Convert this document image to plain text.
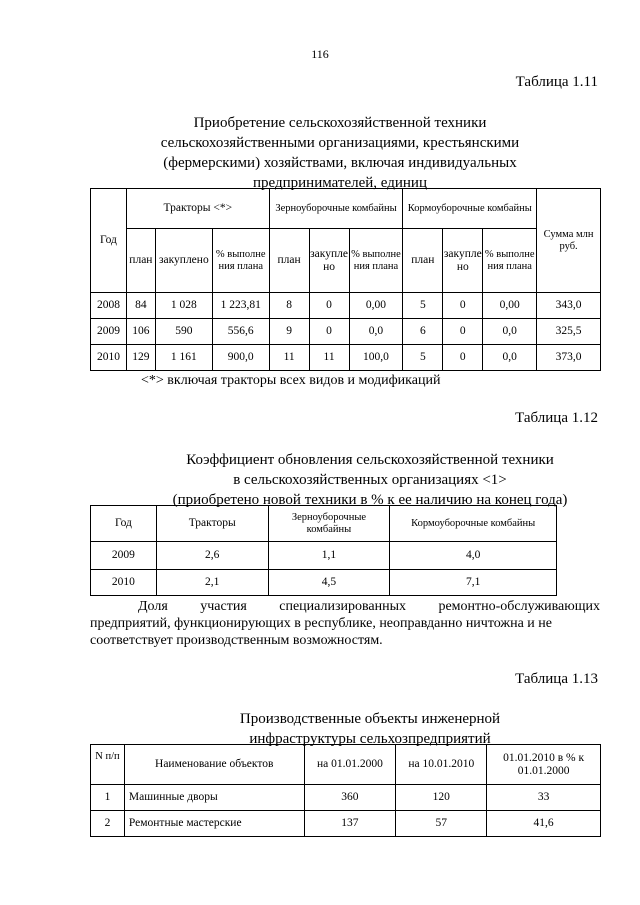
116
Таблица 1.11
Приобретение сельскохозяйственной техники
сельскохозяйственными организациями, крестьянскими
(фермерскими) хозяйствами, включая индивидуальных
предпринимателей, единиц
Год	Тракторы <*>			Зерноуборочные комбайны			Кормоуборочные комбайны			Сумма млн руб.
	план	закуплено	% выполне ния плана	план	закупле но	% выполне ния плана	план	закупле но	% выполне ния плана	
2008	84	1 028	1 223,81	8	0	0,00	5	0	0,00	343,0
2009	106	590	556,6	9	0	0,0	6	0	0,0	325,5
2010	129	1 161	900,0	11	11	100,0	5	0	0,0	373,0
<*> включая тракторы всех видов и модификаций
Таблица 1.12
Коэффициент обновления сельскохозяйственной техники
в сельскохозяйственных организациях <1>
(приобретено новой техники в % к ее наличию на конец года)
Год	Тракторы	Зерноуборочные комбайны	Кормоуборочные комбайны
2009	2,6	1,1	4,0
2010	2,1	4,5	7,1
Доля участия специализированных ремонтно-обслуживающих
предприятий, функционирующих в республике, неоправданно ничтожна и не
соответствует производственным возможностям.
Таблица 1.13
Производственные объекты инженерной
инфраструктуры сельхозпредприятий
N п/п	Наименование объектов	на 01.01.2000	на 10.01.2010	01.01.2010 в % к 01.01.2000
1	Машинные дворы	360	120	33
2	Ремонтные мастерские	137	57	41,6
